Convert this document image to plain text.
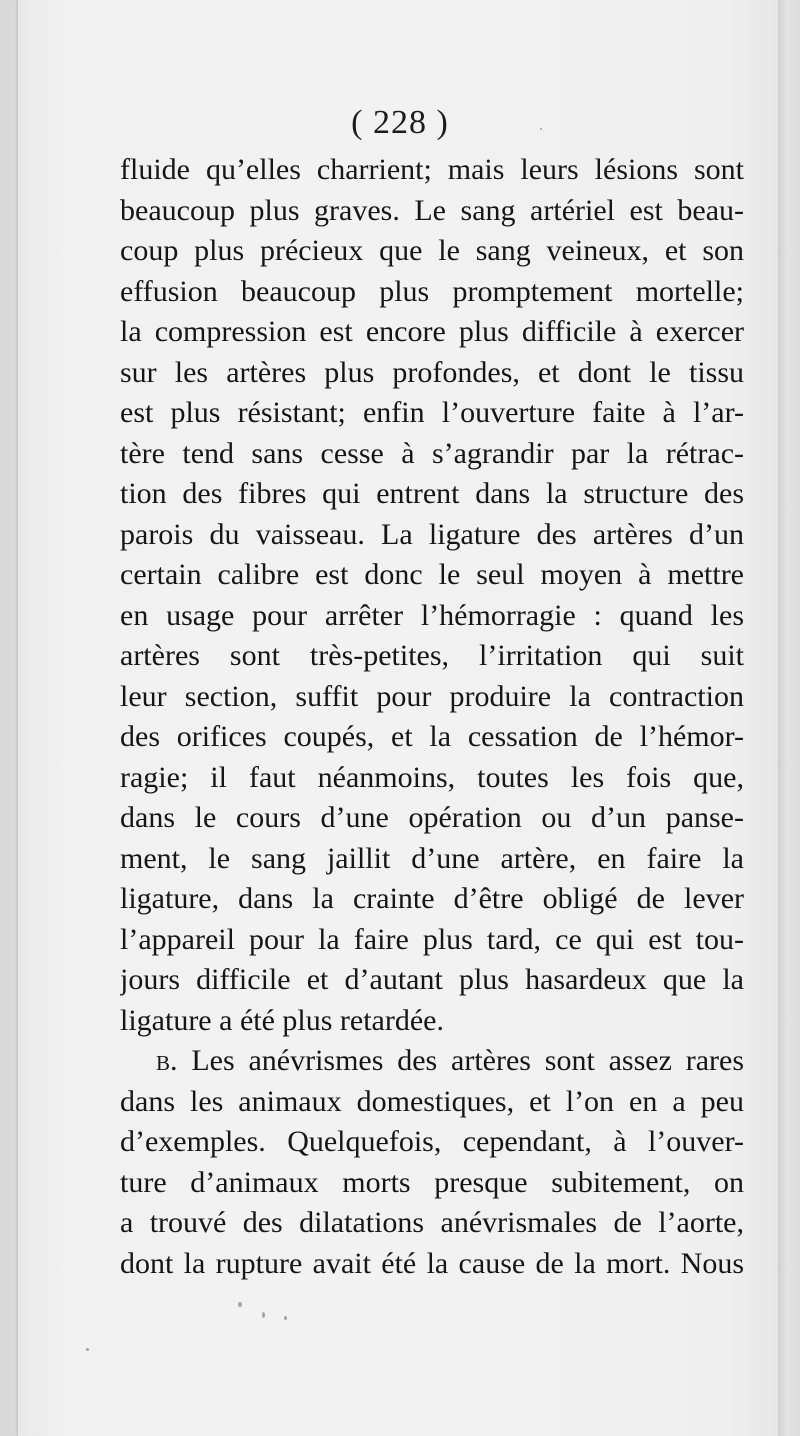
( 228 )
fluide qu’elles charrient; mais leurs lésions sont
beaucoup plus graves. Le sang artériel est beau-
coup plus précieux que le sang veineux, et son
effusion beaucoup plus promptement mortelle;
la compression est encore plus difficile à exercer
sur les artères plus profondes, et dont le tissu
est plus résistant; enfin l’ouverture faite à l’ar-
tère tend sans cesse à s’agrandir par la rétrac-
tion des fibres qui entrent dans la structure des
parois du vaisseau. La ligature des artères d’un
certain calibre est donc le seul moyen à mettre
en usage pour arrêter l’hémorragie : quand les
artères sont très-petites, l’irritation qui suit
leur section, suffit pour produire la contraction
des orifices coupés, et la cessation de l’hémor-
ragie; il faut néanmoins, toutes les fois que,
dans le cours d’une opération ou d’un panse-
ment, le sang jaillit d’une artère, en faire la
ligature, dans la crainte d’être obligé de lever
l’appareil pour la faire plus tard, ce qui est tou-
jours difficile et d’autant plus hasardeux que la
ligature a été plus retardée.
b. Les anévrismes des artères sont assez rares
dans les animaux domestiques, et l’on en a peu
d’exemples. Quelquefois, cependant, à l’ouver-
ture d’animaux morts presque subitement, on
a trouvé des dilatations anévrismales de l’aorte,
dont la rupture avait été la cause de la mort. Nous
